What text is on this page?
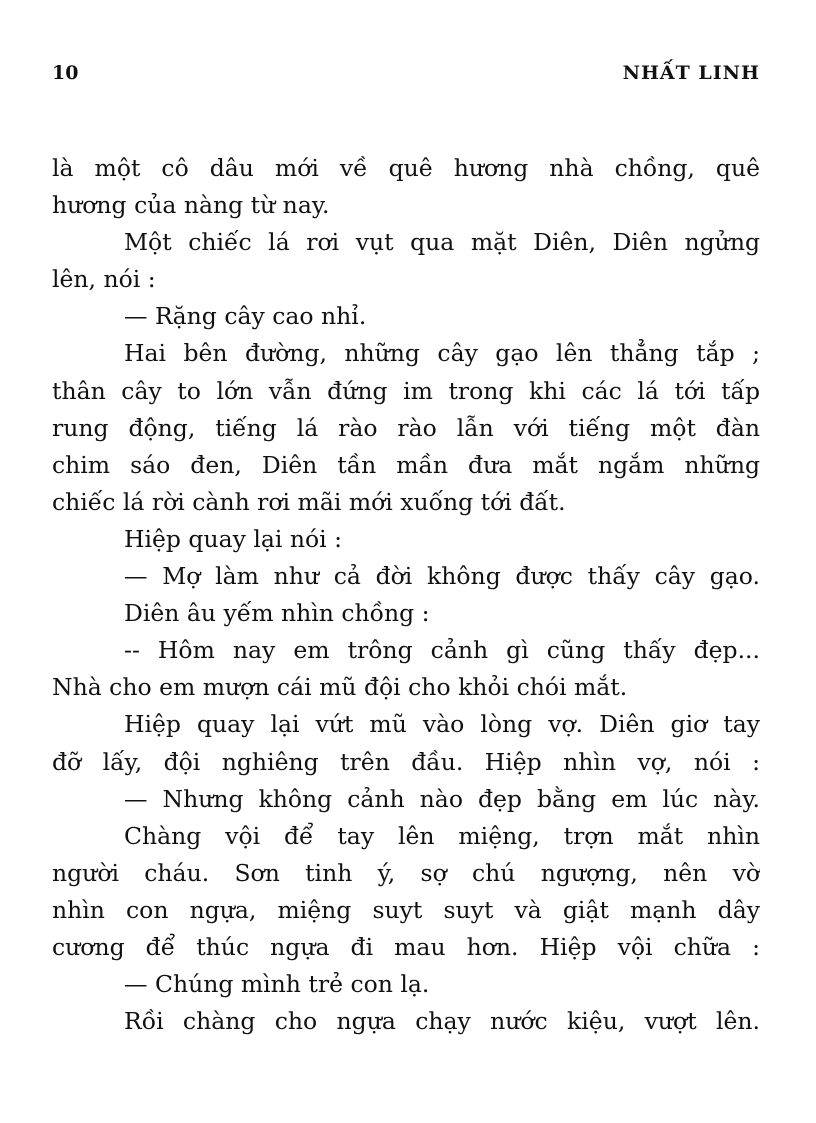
10	NHẤT LINH
là một cô dâu mới về quê hương nhà chồng, quê
hương của nàng từ nay.
Một chiếc lá rơi vụt qua mặt Diên, Diên ngửng
lên, nói :
— Rặng cây cao nhỉ.
Hai bên đường, những cây gạo lên thẳng tắp ;
thân cây to lớn vẫn đứng im trong khi các lá tới tấp
rung động, tiếng lá rào rào lẫn với tiếng một đàn
chim sáo đen, Diên tần mần đưa mắt ngắm những
chiếc lá rời cành rơi mãi mới xuống tới đất.
Hiệp quay lại nói :
— Mợ làm như cả đời không được thấy cây gạo.
Diên âu yếm nhìn chồng :
-- Hôm nay em trông cảnh gì cũng thấy đẹp...
Nhà cho em mượn cái mũ đội cho khỏi chói mắt.
Hiệp quay lại vứt mũ vào lòng vợ. Diên giơ tay
đỡ lấy, đội nghiêng trên đầu. Hiệp nhìn vợ, nói :
— Nhưng không cảnh nào đẹp bằng em lúc này.
Chàng vội để tay lên miệng, trợn mắt nhìn
người cháu. Sơn tinh ý, sợ chú ngượng, nên vờ
nhìn con ngựa, miệng suyt suyt và giật mạnh dây
cương để thúc ngựa đi mau hơn. Hiệp vội chữa :
— Chúng mình trẻ con lạ.
Rồi chàng cho ngựa chạy nước kiệu, vượt lên.
